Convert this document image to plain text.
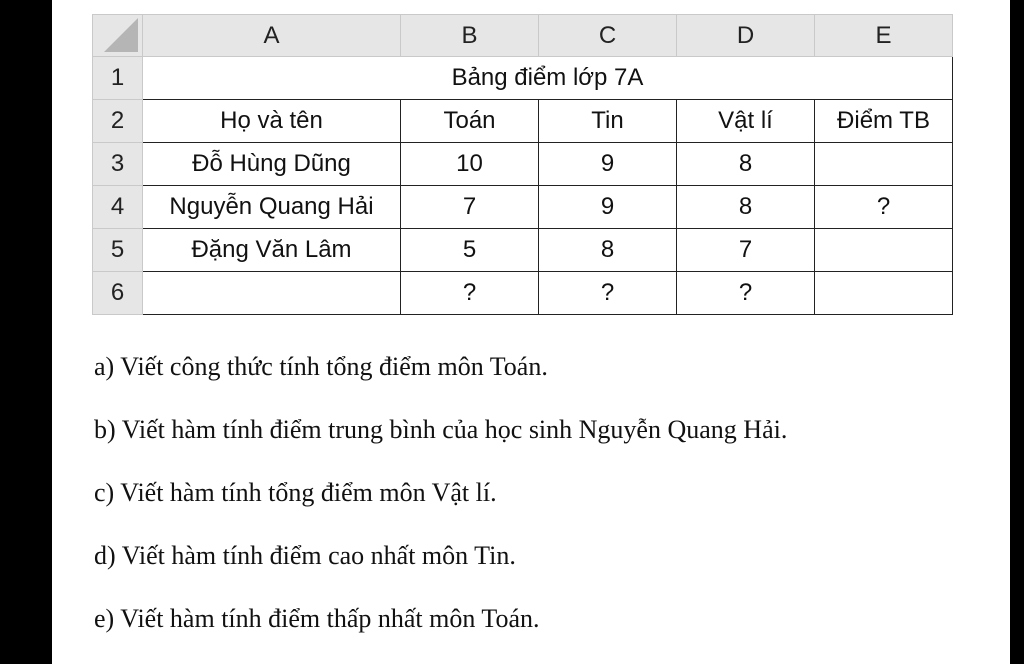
	A	B	C	D	E
1	Bảng điểm lớp 7A				
2	Họ và tên	Toán	Tin	Vật lí	Điểm TB
3	Đỗ Hùng Dũng	10	9	8	
4	Nguyễn Quang Hải	7	9	8	?
5	Đặng Văn Lâm	5	8	7	
6		?	?	?	
a) Viết công thức tính tổng điểm môn Toán.
b) Viết hàm tính điểm trung bình của học sinh Nguyễn Quang Hải.
c) Viết hàm tính tổng điểm môn Vật lí.
d) Viết hàm tính điểm cao nhất môn Tin.
e) Viết hàm tính điểm thấp nhất môn Toán.
